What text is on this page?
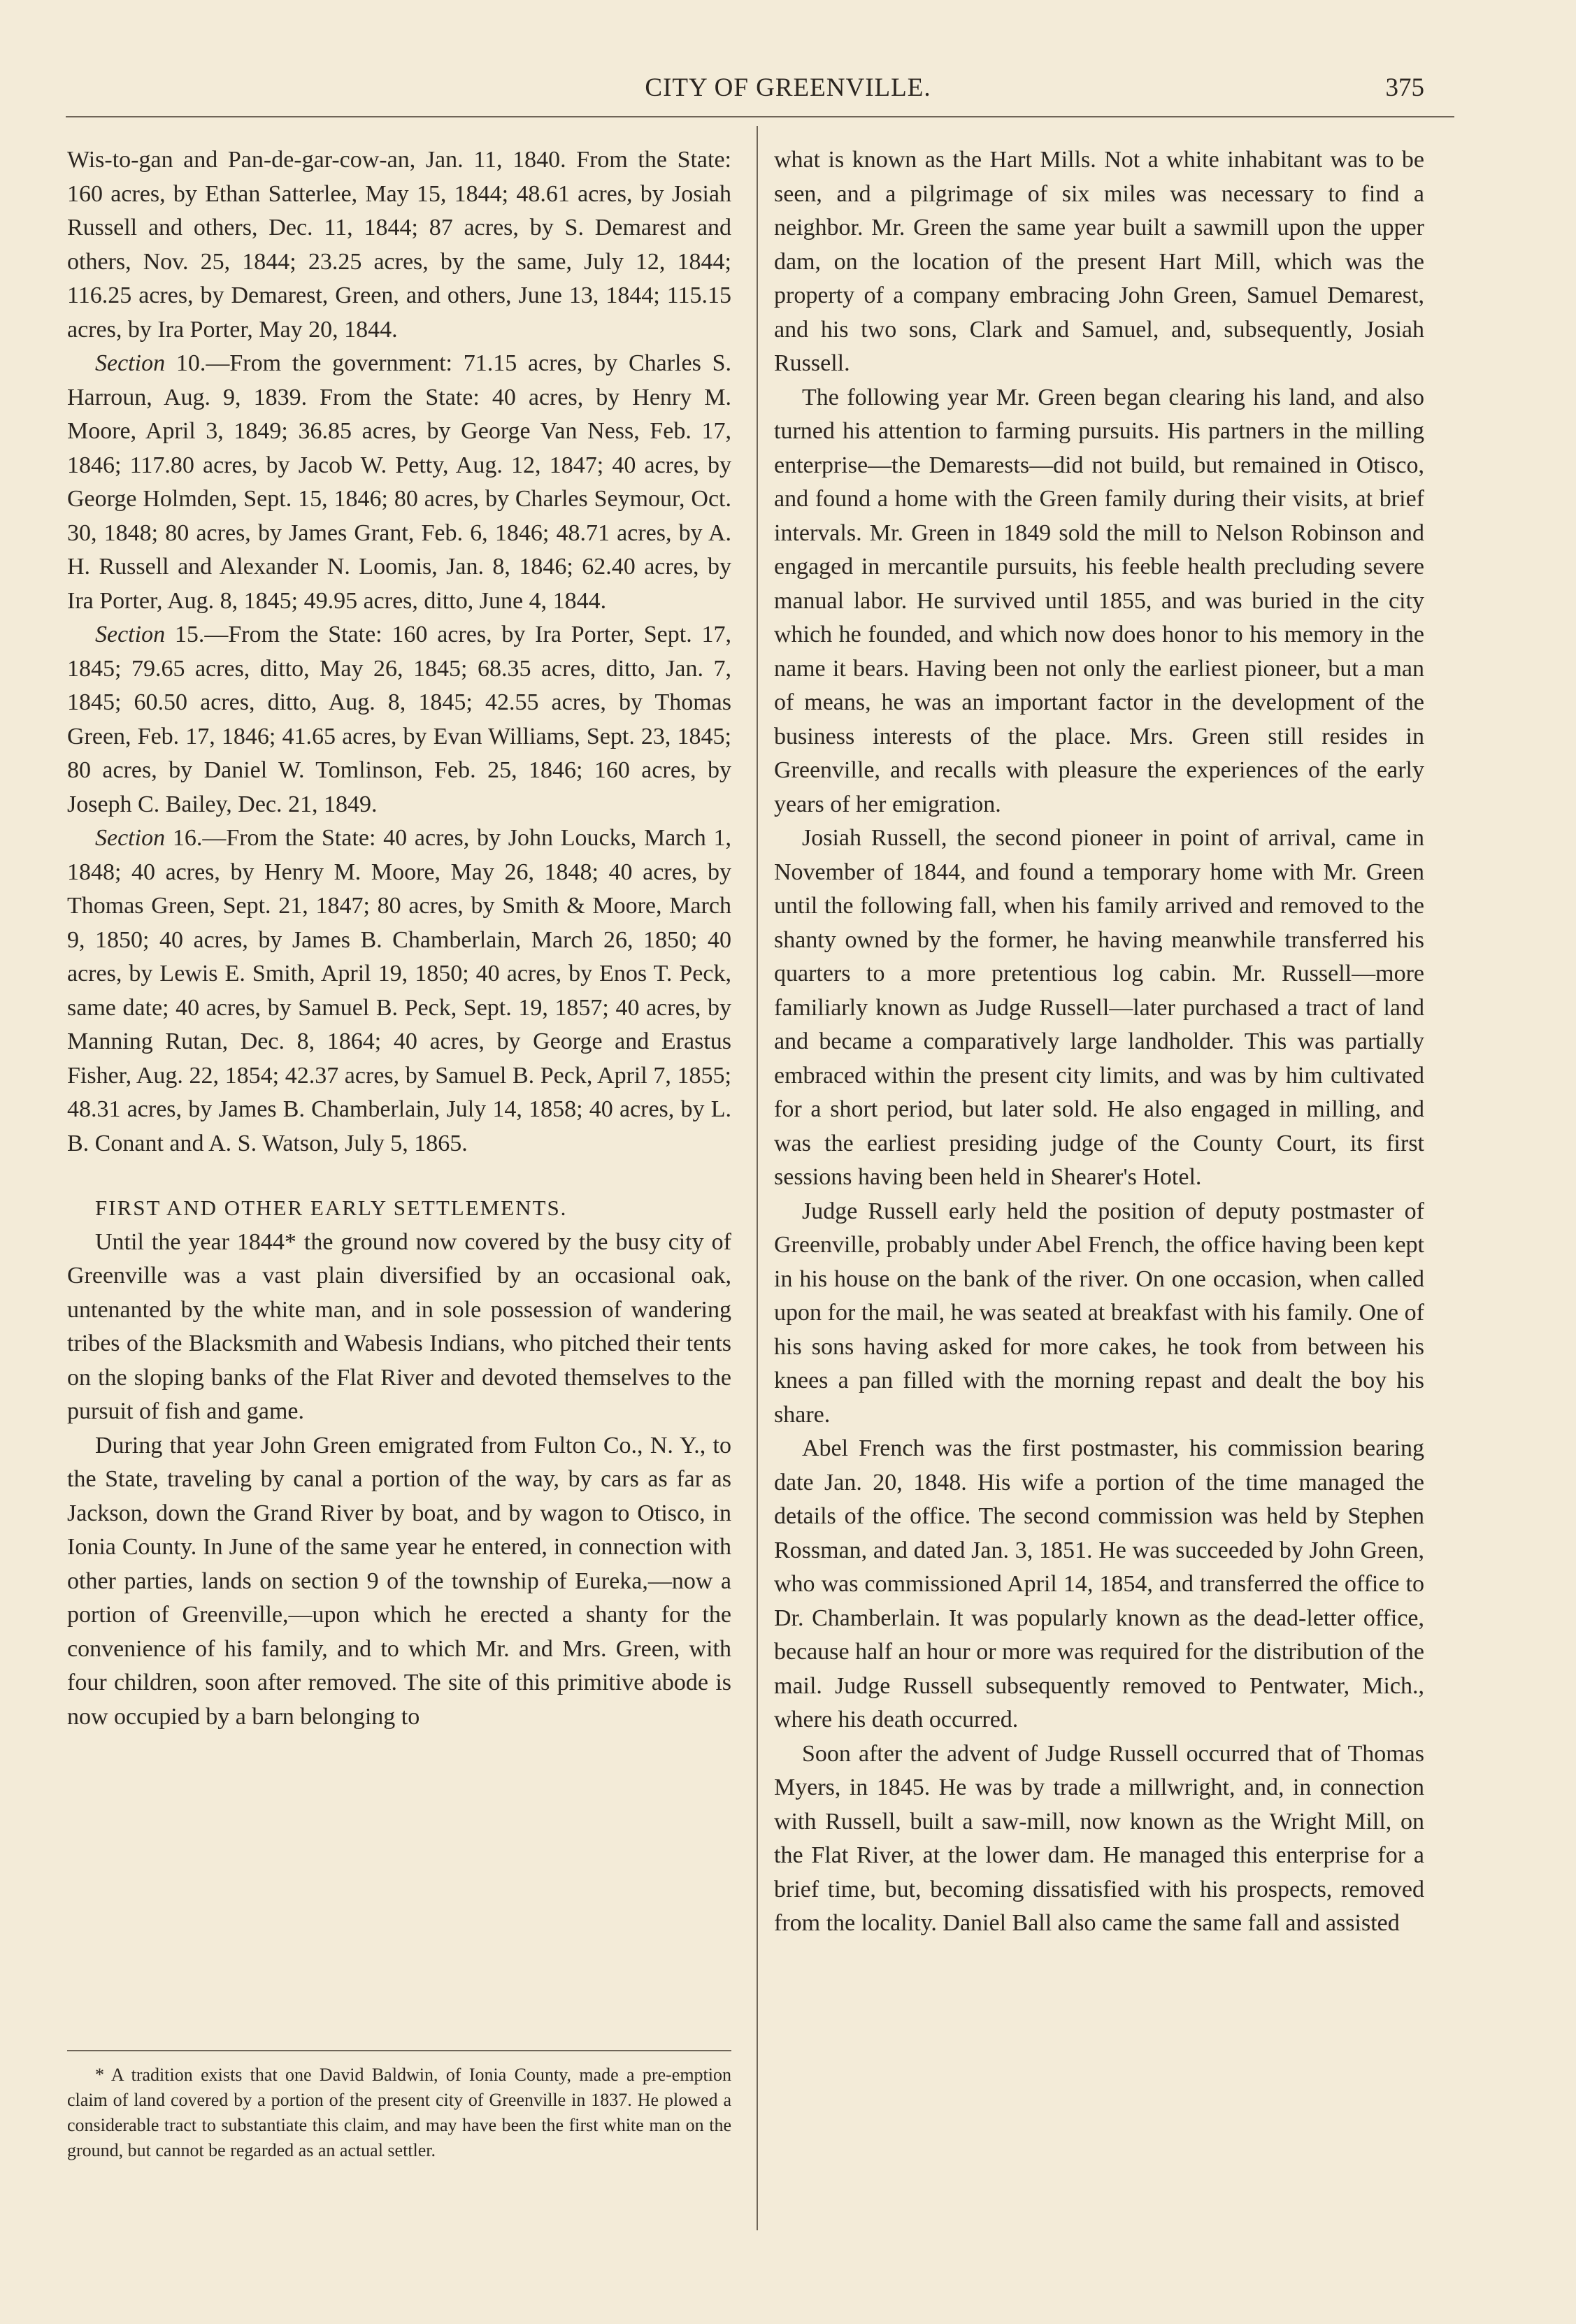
CITY OF GREENVILLE.	375

Wis-to-gan and Pan-de-gar-cow-an, Jan. 11, 1840. From the State: 160 acres, by Ethan Satterlee, May 15, 1844; 48.61 acres, by Josiah Russell and others, Dec. 11, 1844; 87 acres, by S. Demarest and others, Nov. 25, 1844; 23.25 acres, by the same, July 12, 1844; 116.25 acres, by Demarest, Green, and others, June 13, 1844; 115.15 acres, by Ira Porter, May 20, 1844.

Section 10.—From the government: 71.15 acres, by Charles S. Harroun, Aug. 9, 1839. From the State: 40 acres, by Henry M. Moore, April 3, 1849; 36.85 acres, by George Van Ness, Feb. 17, 1846; 117.80 acres, by Jacob W. Petty, Aug. 12, 1847; 40 acres, by George Holmden, Sept. 15, 1846; 80 acres, by Charles Seymour, Oct. 30, 1848; 80 acres, by James Grant, Feb. 6, 1846; 48.71 acres, by A. H. Russell and Alexander N. Loomis, Jan. 8, 1846; 62.40 acres, by Ira Porter, Aug. 8, 1845; 49.95 acres, ditto, June 4, 1844.

Section 15.—From the State: 160 acres, by Ira Porter, Sept. 17, 1845; 79.65 acres, ditto, May 26, 1845; 68.35 acres, ditto, Jan. 7, 1845; 60.50 acres, ditto, Aug. 8, 1845; 42.55 acres, by Thomas Green, Feb. 17, 1846; 41.65 acres, by Evan Williams, Sept. 23, 1845; 80 acres, by Daniel W. Tomlinson, Feb. 25, 1846; 160 acres, by Joseph C. Bailey, Dec. 21, 1849.

Section 16.—From the State: 40 acres, by John Loucks, March 1, 1848; 40 acres, by Henry M. Moore, May 26, 1848; 40 acres, by Thomas Green, Sept. 21, 1847; 80 acres, by Smith & Moore, March 9, 1850; 40 acres, by James B. Chamberlain, March 26, 1850; 40 acres, by Lewis E. Smith, April 19, 1850; 40 acres, by Enos T. Peck, same date; 40 acres, by Samuel B. Peck, Sept. 19, 1857; 40 acres, by Manning Rutan, Dec. 8, 1864; 40 acres, by George and Erastus Fisher, Aug. 22, 1854; 42.37 acres, by Samuel B. Peck, April 7, 1855; 48.31 acres, by James B. Chamberlain, July 14, 1858; 40 acres, by L. B. Conant and A. S. Watson, July 5, 1865.

FIRST AND OTHER EARLY SETTLEMENTS.

Until the year 1844* the ground now covered by the busy city of Greenville was a vast plain diversified by an occasional oak, untenanted by the white man, and in sole possession of wandering tribes of the Blacksmith and Wabesis Indians, who pitched their tents on the sloping banks of the Flat River and devoted themselves to the pursuit of fish and game.

During that year John Green emigrated from Fulton Co., N. Y., to the State, traveling by canal a portion of the way, by cars as far as Jackson, down the Grand River by boat, and by wagon to Otisco, in Ionia County. In June of the same year he entered, in connection with other parties, lands on section 9 of the township of Eureka,—now a portion of Greenville,—upon which he erected a shanty for the convenience of his family, and to which Mr. and Mrs. Green, with four children, soon after removed. The site of this primitive abode is now occupied by a barn belonging to

* A tradition exists that one David Baldwin, of Ionia County, made a pre-emption claim of land covered by a portion of the present city of Greenville in 1837. He plowed a considerable tract to substantiate this claim, and may have been the first white man on the ground, but cannot be regarded as an actual settler.

what is known as the Hart Mills. Not a white inhabitant was to be seen, and a pilgrimage of six miles was necessary to find a neighbor. Mr. Green the same year built a sawmill upon the upper dam, on the location of the present Hart Mill, which was the property of a company embracing John Green, Samuel Demarest, and his two sons, Clark and Samuel, and, subsequently, Josiah Russell.

The following year Mr. Green began clearing his land, and also turned his attention to farming pursuits. His partners in the milling enterprise—the Demarests—did not build, but remained in Otisco, and found a home with the Green family during their visits, at brief intervals. Mr. Green in 1849 sold the mill to Nelson Robinson and engaged in mercantile pursuits, his feeble health precluding severe manual labor. He survived until 1855, and was buried in the city which he founded, and which now does honor to his memory in the name it bears. Having been not only the earliest pioneer, but a man of means, he was an important factor in the development of the business interests of the place. Mrs. Green still resides in Greenville, and recalls with pleasure the experiences of the early years of her emigration.

Josiah Russell, the second pioneer in point of arrival, came in November of 1844, and found a temporary home with Mr. Green until the following fall, when his family arrived and removed to the shanty owned by the former, he having meanwhile transferred his quarters to a more pretentious log cabin. Mr. Russell—more familiarly known as Judge Russell—later purchased a tract of land and became a comparatively large landholder. This was partially embraced within the present city limits, and was by him cultivated for a short period, but later sold. He also engaged in milling, and was the earliest presiding judge of the County Court, its first sessions having been held in Shearer's Hotel.

Judge Russell early held the position of deputy postmaster of Greenville, probably under Abel French, the office having been kept in his house on the bank of the river. On one occasion, when called upon for the mail, he was seated at breakfast with his family. One of his sons having asked for more cakes, he took from between his knees a pan filled with the morning repast and dealt the boy his share.

Abel French was the first postmaster, his commission bearing date Jan. 20, 1848. His wife a portion of the time managed the details of the office. The second commission was held by Stephen Rossman, and dated Jan. 3, 1851. He was succeeded by John Green, who was commissioned April 14, 1854, and transferred the office to Dr. Chamberlain. It was popularly known as the dead-letter office, because half an hour or more was required for the distribution of the mail. Judge Russell subsequently removed to Pentwater, Mich., where his death occurred.

Soon after the advent of Judge Russell occurred that of Thomas Myers, in 1845. He was by trade a millwright, and, in connection with Russell, built a saw-mill, now known as the Wright Mill, on the Flat River, at the lower dam. He managed this enterprise for a brief time, but, becoming dissatisfied with his prospects, removed from the locality. Daniel Ball also came the same fall and assisted
